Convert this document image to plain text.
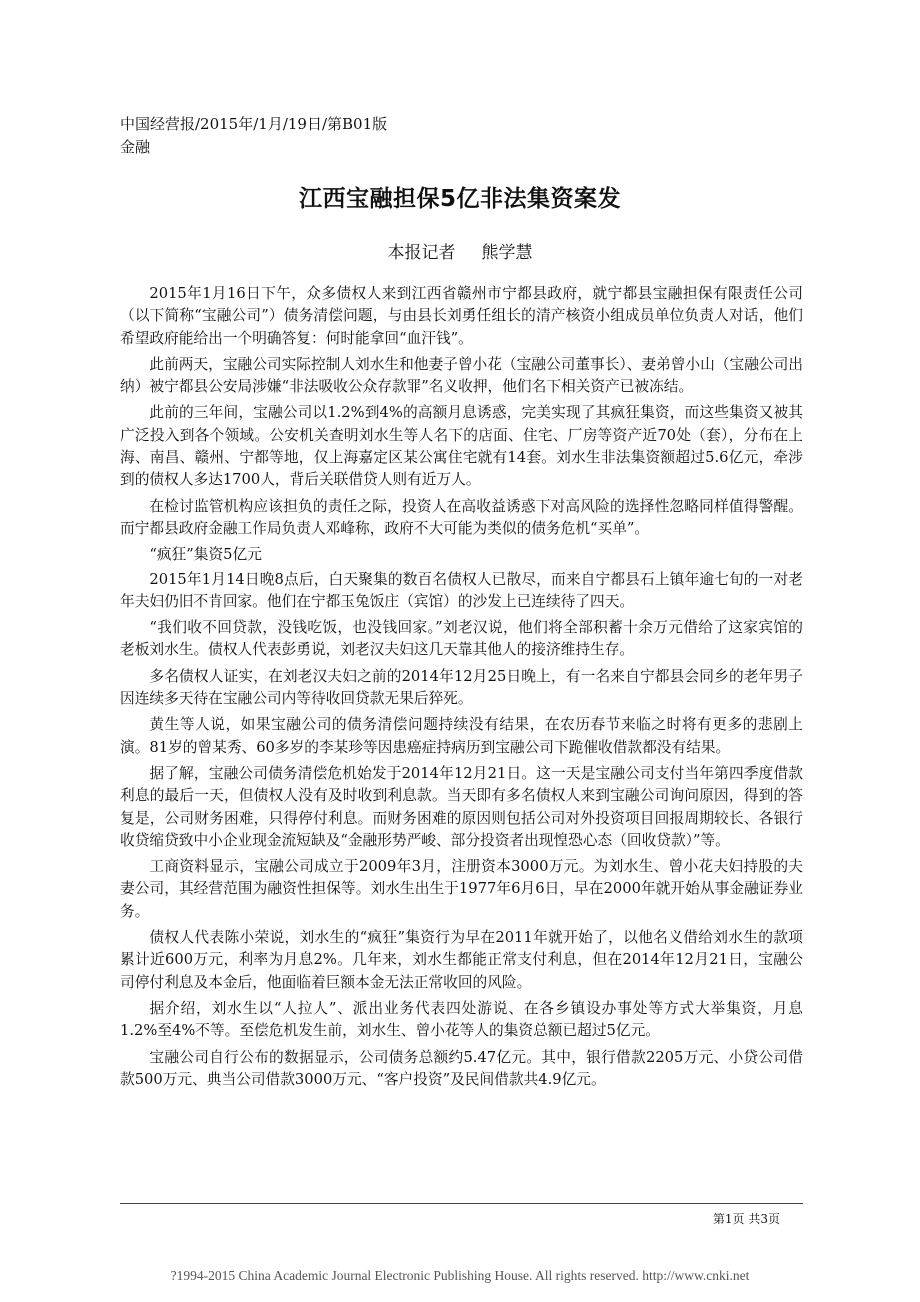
中国经营报/2015年/1月/19日/第B01版
金融
江西宝融担保5亿非法集资案发
本报记者 熊学慧

2015年1月16日下午，众多债权人来到江西省赣州市宁都县政府，就宁都县宝融担保有限责任公司（以下简称“宝融公司”）债务清偿问题，与由县长刘勇任组长的清产核资小组成员单位负责人对话，他们希望政府能给出一个明确答复：何时能拿回“血汗钱”。

此前两天，宝融公司实际控制人刘水生和他妻子曾小花（宝融公司董事长）、妻弟曾小山（宝融公司出纳）被宁都县公安局涉嫌“非法吸收公众存款罪”名义收押，他们名下相关资产已被冻结。

此前的三年间，宝融公司以1.2%到4%的高额月息诱惑，完美实现了其疯狂集资，而这些集资又被其广泛投入到各个领域。公安机关查明刘水生等人名下的店面、住宅、厂房等资产近70处（套），分布在上海、南昌、赣州、宁都等地，仅上海嘉定区某公寓住宅就有14套。刘水生非法集资额超过5.6亿元，牵涉到的债权人多达1700人，背后关联借贷人则有近万人。

在检讨监管机构应该担负的责任之际，投资人在高收益诱惑下对高风险的选择性忽略同样值得警醒。而宁都县政府金融工作局负责人邓峰称，政府不大可能为类似的债务危机“买单”。

“疯狂”集资5亿元

2015年1月14日晚8点后，白天聚集的数百名债权人已散尽，而来自宁都县石上镇年逾七旬的一对老年夫妇仍旧不肯回家。他们在宁都玉兔饭庄（宾馆）的沙发上已连续待了四天。

“我们收不回贷款，没钱吃饭，也没钱回家。”刘老汉说，他们将全部积蓄十余万元借给了这家宾馆的老板刘水生。债权人代表彭勇说，刘老汉夫妇这几天靠其他人的接济维持生存。

多名债权人证实，在刘老汉夫妇之前的2014年12月25日晚上，有一名来自宁都县会同乡的老年男子因连续多天待在宝融公司内等待收回贷款无果后猝死。

黄生等人说，如果宝融公司的债务清偿问题持续没有结果，在农历春节来临之时将有更多的悲剧上演。81岁的曾某秀、60多岁的李某珍等因患癌症持病历到宝融公司下跪催收借款都没有结果。

据了解，宝融公司债务清偿危机始发于2014年12月21日。这一天是宝融公司支付当年第四季度借款利息的最后一天，但债权人没有及时收到利息款。当天即有多名债权人来到宝融公司询问原因，得到的答复是，公司财务困难，只得停付利息。而财务困难的原因则包括公司对外投资项目回报周期较长、各银行收贷缩贷致中小企业现金流短缺及“金融形势严峻、部分投资者出现惶恐心态（回收贷款）”等。

工商资料显示，宝融公司成立于2009年3月，注册资本3000万元。为刘水生、曾小花夫妇持股的夫妻公司，其经营范围为融资性担保等。刘水生出生于1977年6月6日，早在2000年就开始从事金融证券业务。

债权人代表陈小荣说，刘水生的“疯狂”集资行为早在2011年就开始了，以他名义借给刘水生的款项累计近600万元，利率为月息2%。几年来，刘水生都能正常支付利息，但在2014年12月21日，宝融公司停付利息及本金后，他面临着巨额本金无法正常收回的风险。

据介绍，刘水生以“人拉人”、派出业务代表四处游说、在各乡镇设办事处等方式大举集资，月息1.2%至4%不等。至偿危机发生前，刘水生、曾小花等人的集资总额已超过5亿元。

宝融公司自行公布的数据显示，公司债务总额约5.47亿元。其中，银行借款2205万元、小贷公司借款500万元、典当公司借款3000万元、“客户投资”及民间借款共4.9亿元。

第1页 共3页
?1994-2015 China Academic Journal Electronic Publishing House. All rights reserved. http://www.cnki.net
